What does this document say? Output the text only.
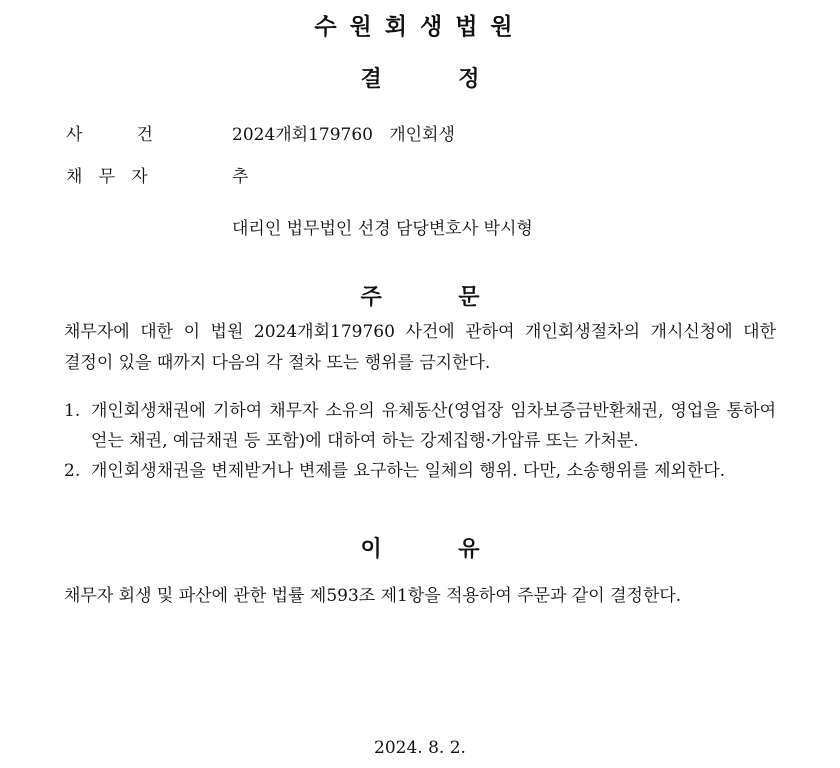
수원회생법원
결          정
사          건	2024개회179760   개인회생
채   무   자	추
대리인 법무법인 선경 담당변호사 박시형
주          문
채무자에 대한 이 법원 2024개회179760 사건에 관하여 개인회생절차의 개시신청에 대한 결정이 있을 때까지 다음의 각 절차 또는 행위를 금지한다.
1. 개인회생채권에 기하여 채무자 소유의 유체동산(영업장 임차보증금반환채권, 영업을 통하여 얻는 채권, 예금채권 등 포함)에 대하여 하는 강제집행·가압류 또는 가처분.
2. 개인회생채권을 변제받거나 변제를 요구하는 일체의 행위. 다만, 소송행위를 제외한다.
이          유
채무자 회생 및 파산에 관한 법률 제593조 제1항을 적용하여 주문과 같이 결정한다.
2024. 8. 2.
